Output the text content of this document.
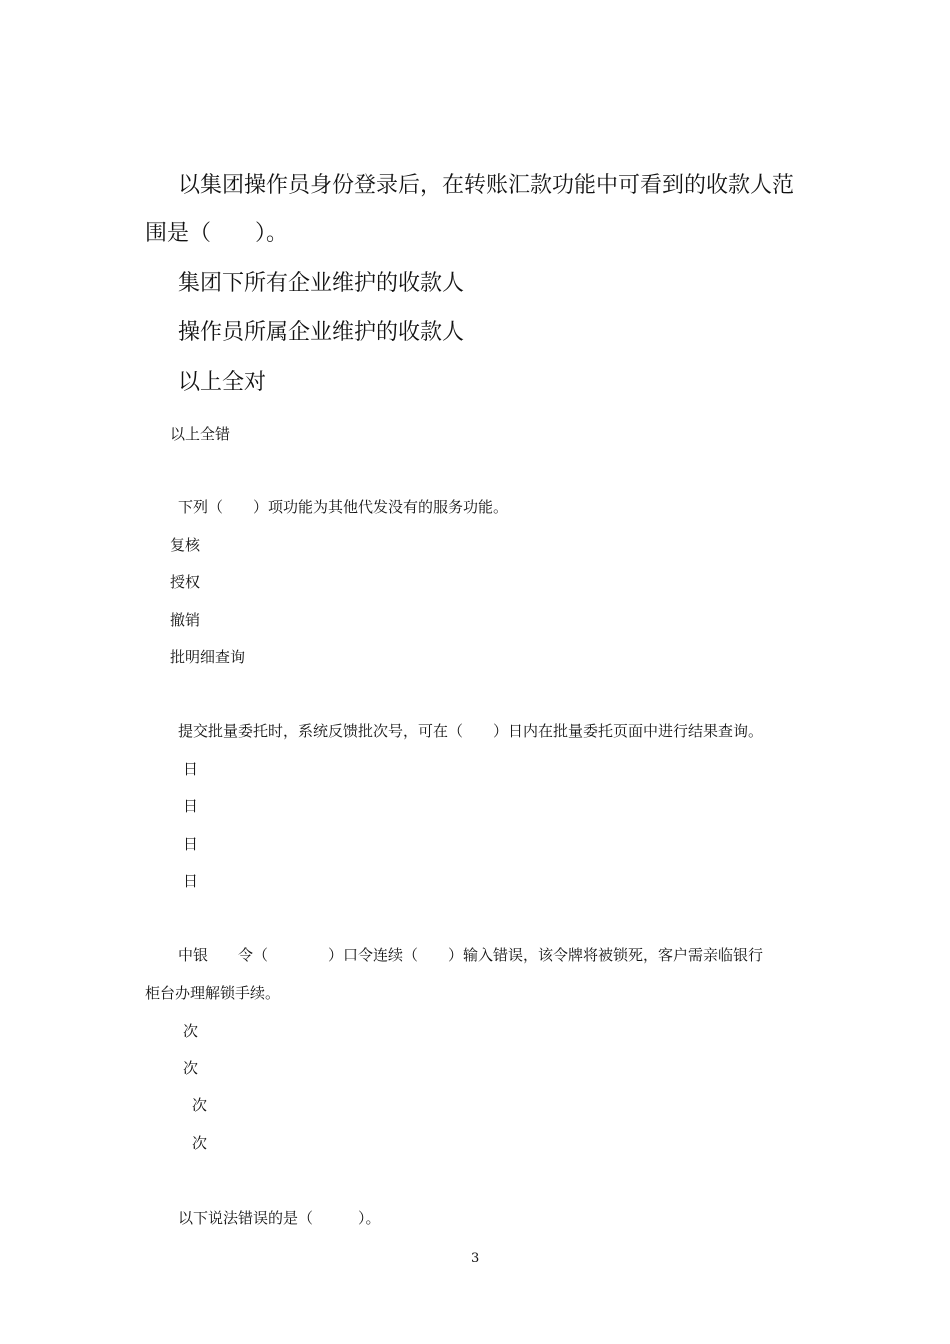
以集团操作员身份登录后，在转账汇款功能中可看到的收款人范
围是（　　）。
集团下所有企业维护的收款人
操作员所属企业维护的收款人
以上全对
以上全错
下列（　　）项功能为其他代发没有的服务功能。
复核
授权
撤销
批明细查询
提交批量委托时，系统反馈批次号，可在（　　）日内在批量委托页面中进行结果查询。
日
日
日
日
中银　　令（　　　　）口令连续（　　）输入错误，该令牌将被锁死，客户需亲临银行
柜台办理解锁手续。
次
次
次
次
以下说法错误的是（　　　）。
3
